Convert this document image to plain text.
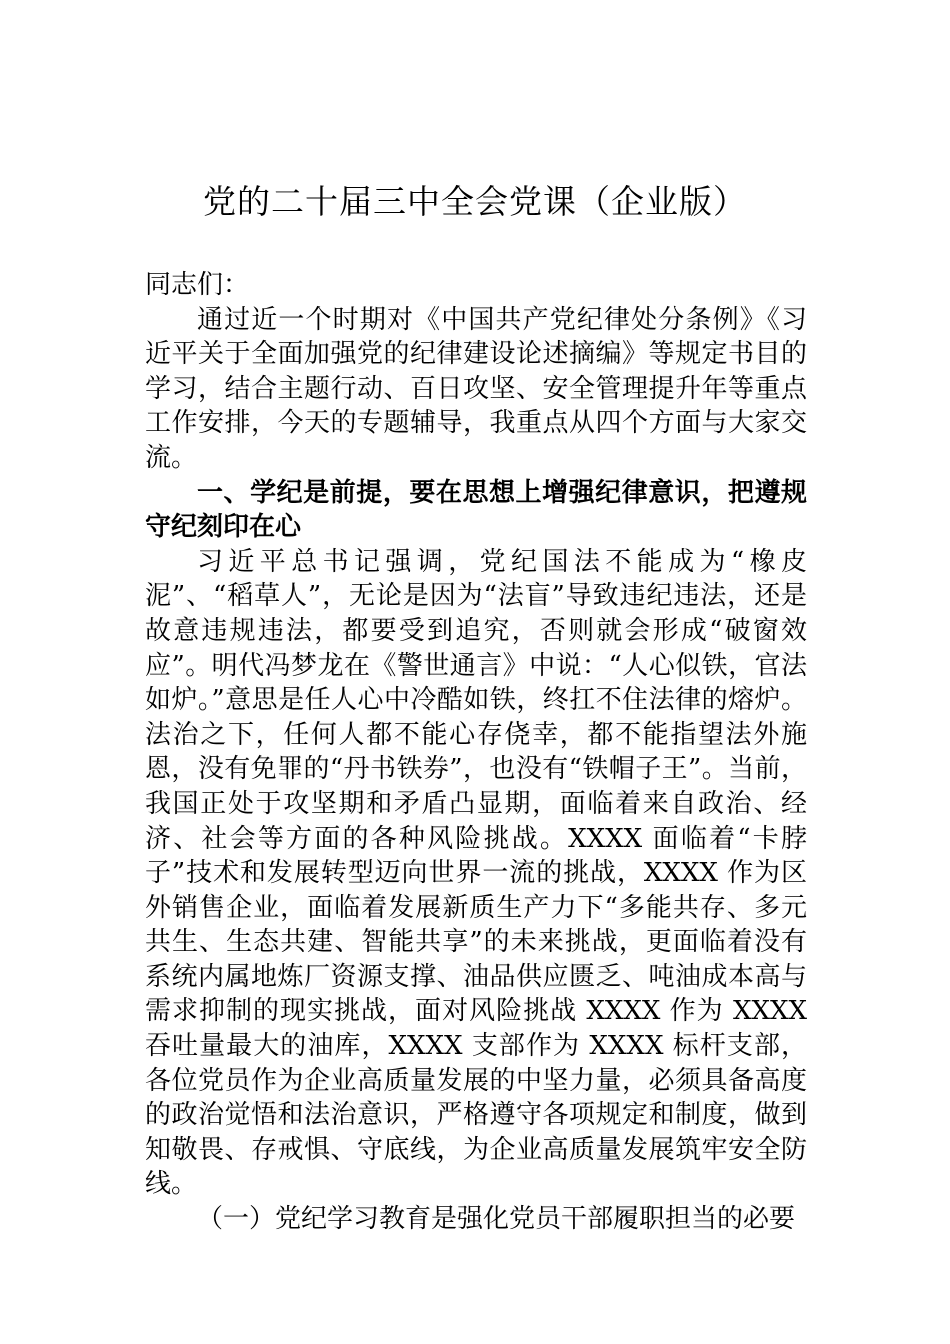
党的二十届三中全会党课（企业版）

同志们：

通过近一个时期对《中国共产党纪律处分条例》《习近平关于全面加强党的纪律建设论述摘编》等规定书目的学习，结合主题行动、百日攻坚、安全管理提升年等重点工作安排，今天的专题辅导，我重点从四个方面与大家交流。

一、学纪是前提，要在思想上增强纪律意识，把遵规守纪刻印在心

习近平总书记强调，党纪国法不能成为“橡皮泥”、“稻草人”，无论是因为“法盲”导致违纪违法，还是故意违规违法，都要受到追究，否则就会形成“破窗效应”。明代冯梦龙在《警世通言》中说：“人心似铁，官法如炉。”意思是任人心中冷酷如铁，终扛不住法律的熔炉。法治之下，任何人都不能心存侥幸，都不能指望法外施恩，没有免罪的“丹书铁券”，也没有“铁帽子王”。当前，我国正处于攻坚期和矛盾凸显期，面临着来自政治、经济、社会等方面的各种风险挑战。XXXX 面临着“卡脖子”技术和发展转型迈向世界一流的挑战，XXXX 作为区外销售企业，面临着发展新质生产力下“多能共存、多元共生、生态共建、智能共享”的未来挑战，更面临着没有系统内属地炼厂资源支撑、油品供应匮乏、吨油成本高与需求抑制的现实挑战，面对风险挑战 XXXX 作为 XXXX 吞吐量最大的油库，XXXX 支部作为 XXXX 标杆支部，各位党员作为企业高质量发展的中坚力量，必须具备高度的政治觉悟和法治意识，严格遵守各项规定和制度，做到知敬畏、存戒惧、守底线，为企业高质量发展筑牢安全防线。

（一）党纪学习教育是强化党员干部履职担当的必要
